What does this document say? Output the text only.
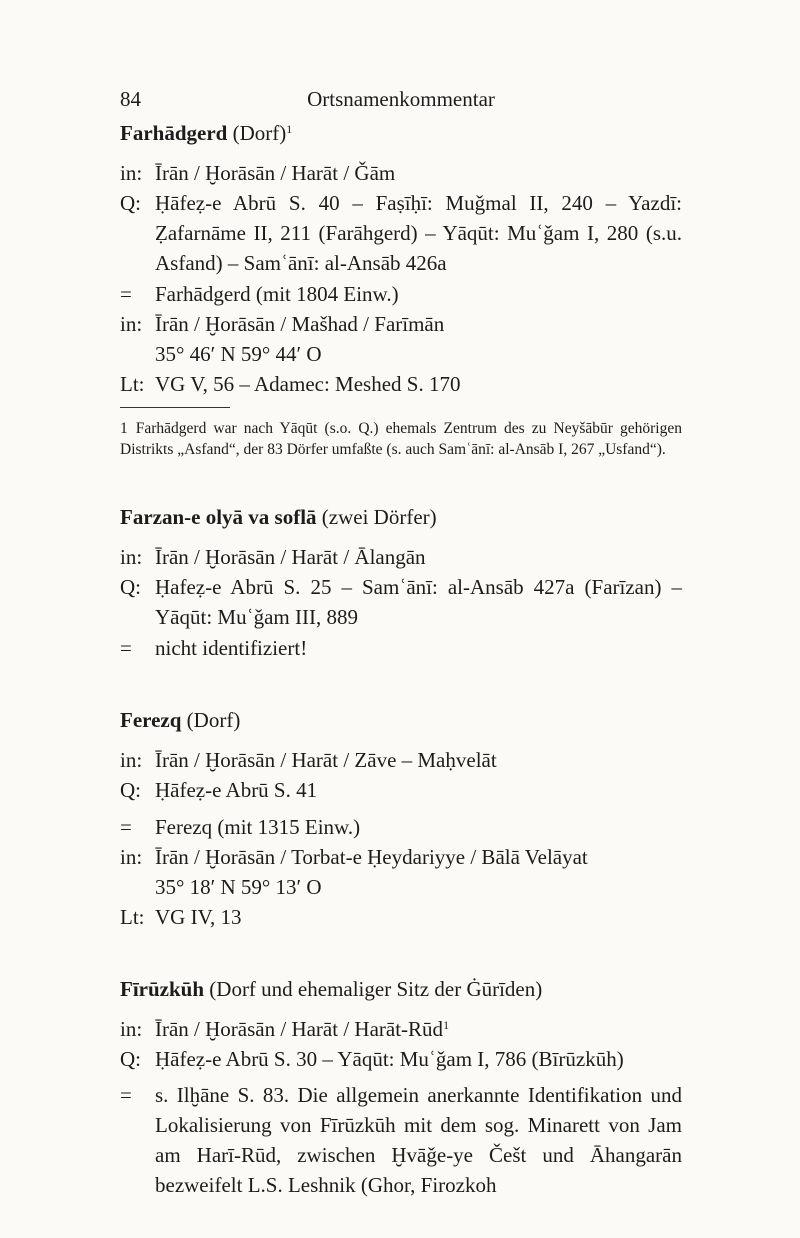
84	Ortsnamenkommentar
Farhādgerd (Dorf)$^1$
in: Īrān / Ḫorāsān / Harāt / Ǧām
Q: Ḥāfeẓ-e Abrū S. 40 – Faṣīḥī: Muǧmal II, 240 – Yazdī: Ẓafarnāme II, 211 (Farāhgerd) – Yāqūt: Muʿǧam I, 280 (s.u. Asfand) – Samʿānī: al-Ansāb 426a
=	Farhādgerd (mit 1804 Einw.)
in: Īrān / Ḫorāsān / Mašhad / Farīmān
35° 46′ N 59° 44′ O
Lt: VG V, 56 – Adamec: Meshed S. 170
1 Farhādgerd war nach Yāqūt (s.o. Q.) ehemals Zentrum des zu Neyšābūr gehörigen Distrikts „Asfand“, der 83 Dörfer umfaßte (s. auch Samʿānī: al-Ansāb I, 267 „Usfand“).
Farzan-e olyā va soflā (zwei Dörfer)
in: Īrān / Ḫorāsān / Harāt / Ālangān
Q: Ḥafeẓ-e Abrū S. 25 – Samʿānī: al-Ansāb 427a (Farīzan) – Yāqūt: Muʿǧam III, 889
=	nicht identifiziert!
Ferezq (Dorf)
in: Īrān / Ḫorāsān / Harāt / Zāve – Maḥvelāt
Q: Ḥāfeẓ-e Abrū S. 41
=	Ferezq (mit 1315 Einw.)
in: Īrān / Ḫorāsān / Torbat-e Ḥeydariyye / Bālā Velāyat
35° 18′ N 59° 13′ O
Lt: VG IV, 13
Fīrūzkūh (Dorf und ehemaliger Sitz der Ġūrīden)
in: Īrān / Ḫorāsān / Harāt / Harāt-Rūd$^1$
Q: Ḥāfeẓ-e Abrū S. 30 – Yāqūt: Muʿǧam I, 786 (Bīrūzkūh)
=	s. Ilḫāne S. 83. Die allgemein anerkannte Identifikation und Lokalisierung von Fīrūzkūh mit dem sog. Minarett von Jam am Harī-Rūd, zwischen Ḫvāǧe-ye Češt und Āhangarān bezweifelt L.S. Leshnik (Ghor, Firozkoh
